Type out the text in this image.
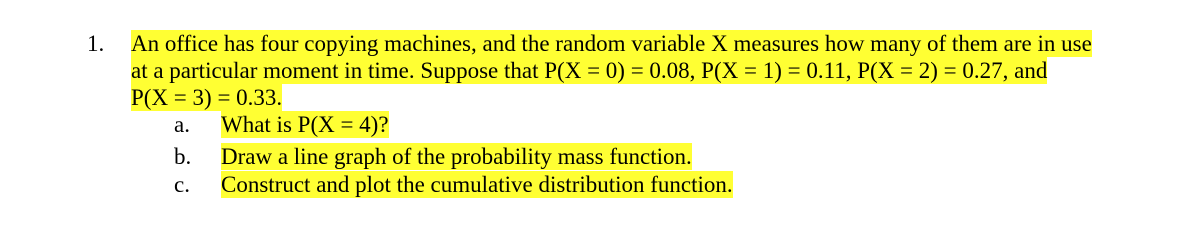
1. An office has four copying machines, and the random variable X measures how many of them are in use
at a particular moment in time. Suppose that P(X = 0) = 0.08, P(X = 1) = 0.11, P(X = 2) = 0.27, and
P(X = 3) = 0.33.
a. What is P(X = 4)?
b. Draw a line graph of the probability mass function.
c. Construct and plot the cumulative distribution function.
